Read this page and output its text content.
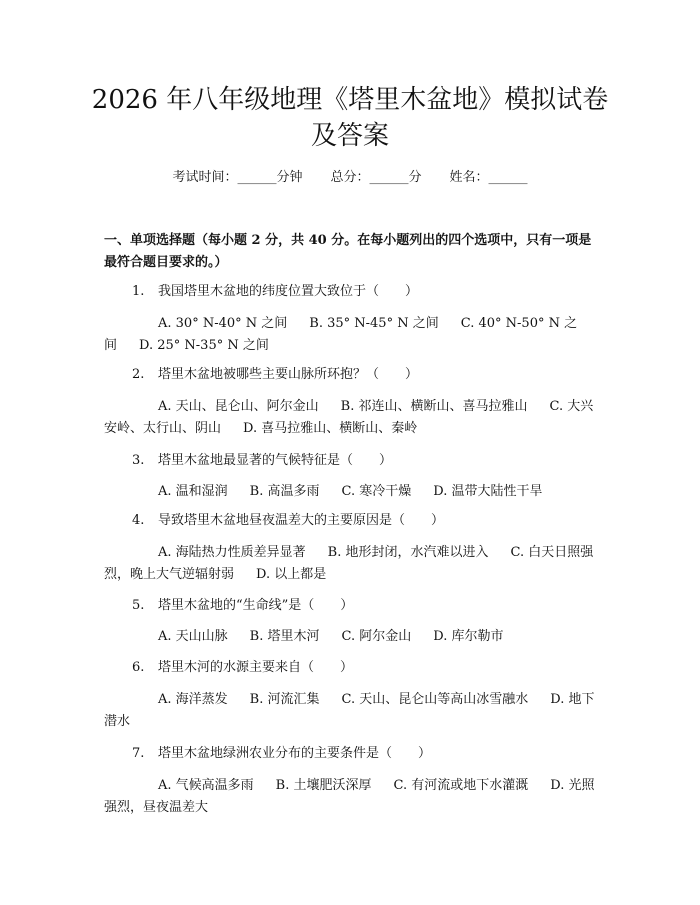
2026 年八年级地理《塔里木盆地》模拟试卷
及答案
考试时间：______分钟 总分：______分 姓名：______

一、单项选择题（每小题 2 分，共 40 分。在每小题列出的四个选项中，只有一项是最符合题目要求的。）

1. 我国塔里木盆地的纬度位置大致位于（　　）
A. 30° N-40° N 之间 B. 35° N-45° N 之间 C. 40° N-50° N 之间 D. 25° N-35° N 之间
2. 塔里木盆地被哪些主要山脉所环抱？（　　）
A. 天山、昆仑山、阿尔金山 B. 祁连山、横断山、喜马拉雅山 C. 大兴安岭、太行山、阴山 D. 喜马拉雅山、横断山、秦岭
3. 塔里木盆地最显著的气候特征是（　　）
A. 温和湿润 B. 高温多雨 C. 寒冷干燥 D. 温带大陆性干旱
4. 导致塔里木盆地昼夜温差大的主要原因是（　　）
A. 海陆热力性质差异显著 B. 地形封闭，水汽难以进入 C. 白天日照强烈，晚上大气逆辐射弱 D. 以上都是
5. 塔里木盆地的“生命线”是（　　）
A. 天山山脉 B. 塔里木河 C. 阿尔金山 D. 库尔勒市
6. 塔里木河的水源主要来自（　　）
A. 海洋蒸发 B. 河流汇集 C. 天山、昆仑山等高山冰雪融水 D. 地下潜水
7. 塔里木盆地绿洲农业分布的主要条件是（　　）
A. 气候高温多雨 B. 土壤肥沃深厚 C. 有河流或地下水灌溉 D. 光照强烈，昼夜温差大
